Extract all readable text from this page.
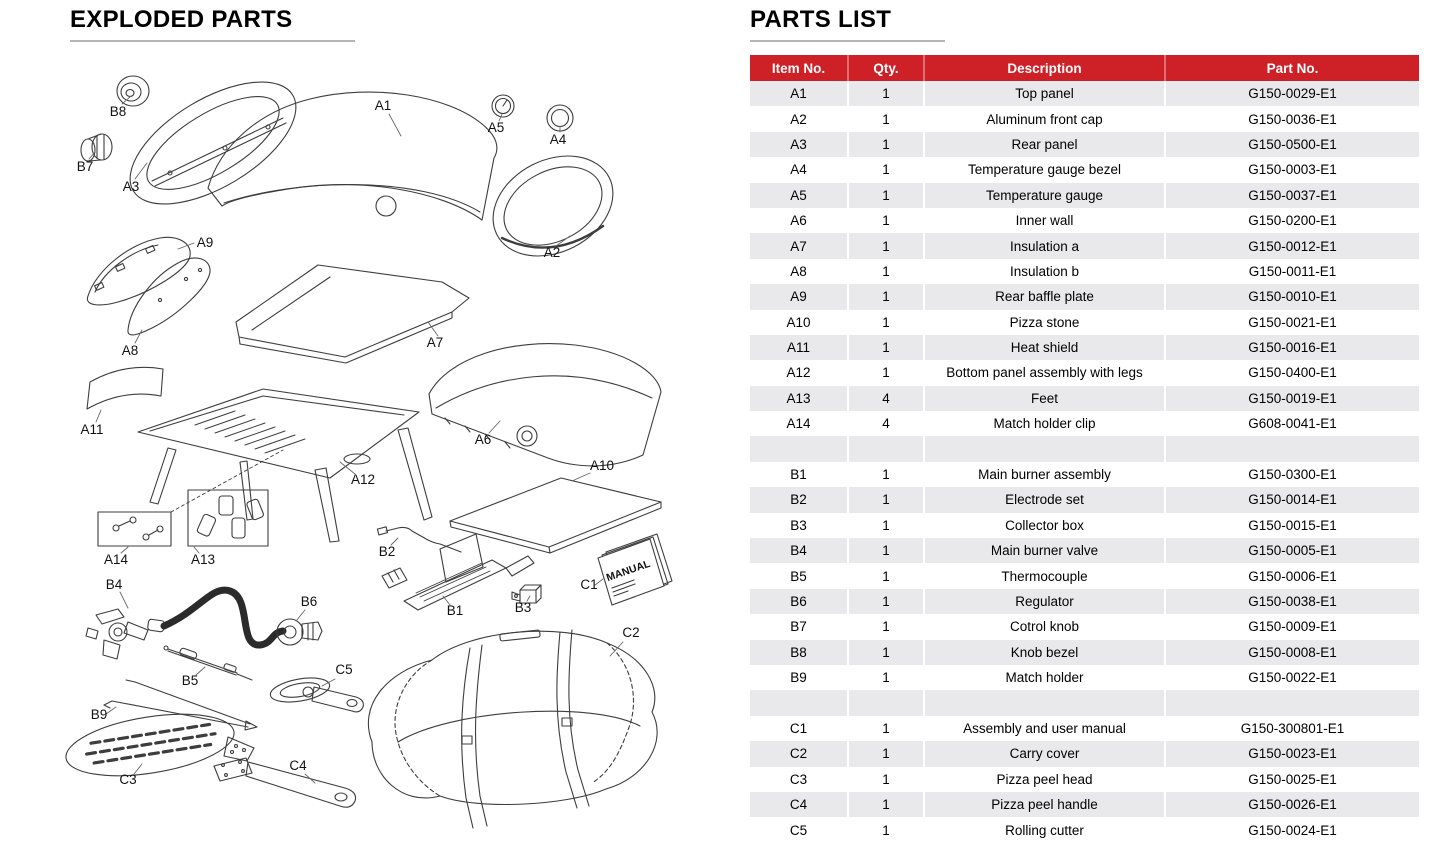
EXPLODED PARTS
B8
B7
A3
A1
A5
A4
A2
A9
A8
A7
A11
A6
A12
A10
A14	A13
B2
B4
B6
B1	B3
C1
B5
C5
B9
C3
C4
C2
MANUAL
PARTS LIST
Item No.	Qty.	Description	Part No.
A1	1	Top panel	G150-0029-E1
A2	1	Aluminum front cap	G150-0036-E1
A3	1	Rear panel	G150-0500-E1
A4	1	Temperature gauge bezel	G150-0003-E1
A5	1	Temperature gauge	G150-0037-E1
A6	1	Inner wall	G150-0200-E1
A7	1	Insulation a	G150-0012-E1
A8	1	Insulation b	G150-0011-E1
A9	1	Rear baffle plate	G150-0010-E1
A10	1	Pizza stone	G150-0021-E1
A11	1	Heat shield	G150-0016-E1
A12	1	Bottom panel assembly with legs	G150-0400-E1
A13	4	Feet	G150-0019-E1
A14	4	Match holder clip	G608-0041-E1

B1	1	Main burner assembly	G150-0300-E1
B2	1	Electrode set	G150-0014-E1
B3	1	Collector box	G150-0015-E1
B4	1	Main burner valve	G150-0005-E1
B5	1	Thermocouple	G150-0006-E1
B6	1	Regulator	G150-0038-E1
B7	1	Cotrol knob	G150-0009-E1
B8	1	Knob bezel	G150-0008-E1
B9	1	Match holder	G150-0022-E1

C1	1	Assembly and user manual	G150-300801-E1
C2	1	Carry cover	G150-0023-E1
C3	1	Pizza peel head	G150-0025-E1
C4	1	Pizza peel handle	G150-0026-E1
C5	1	Rolling cutter	G150-0024-E1
